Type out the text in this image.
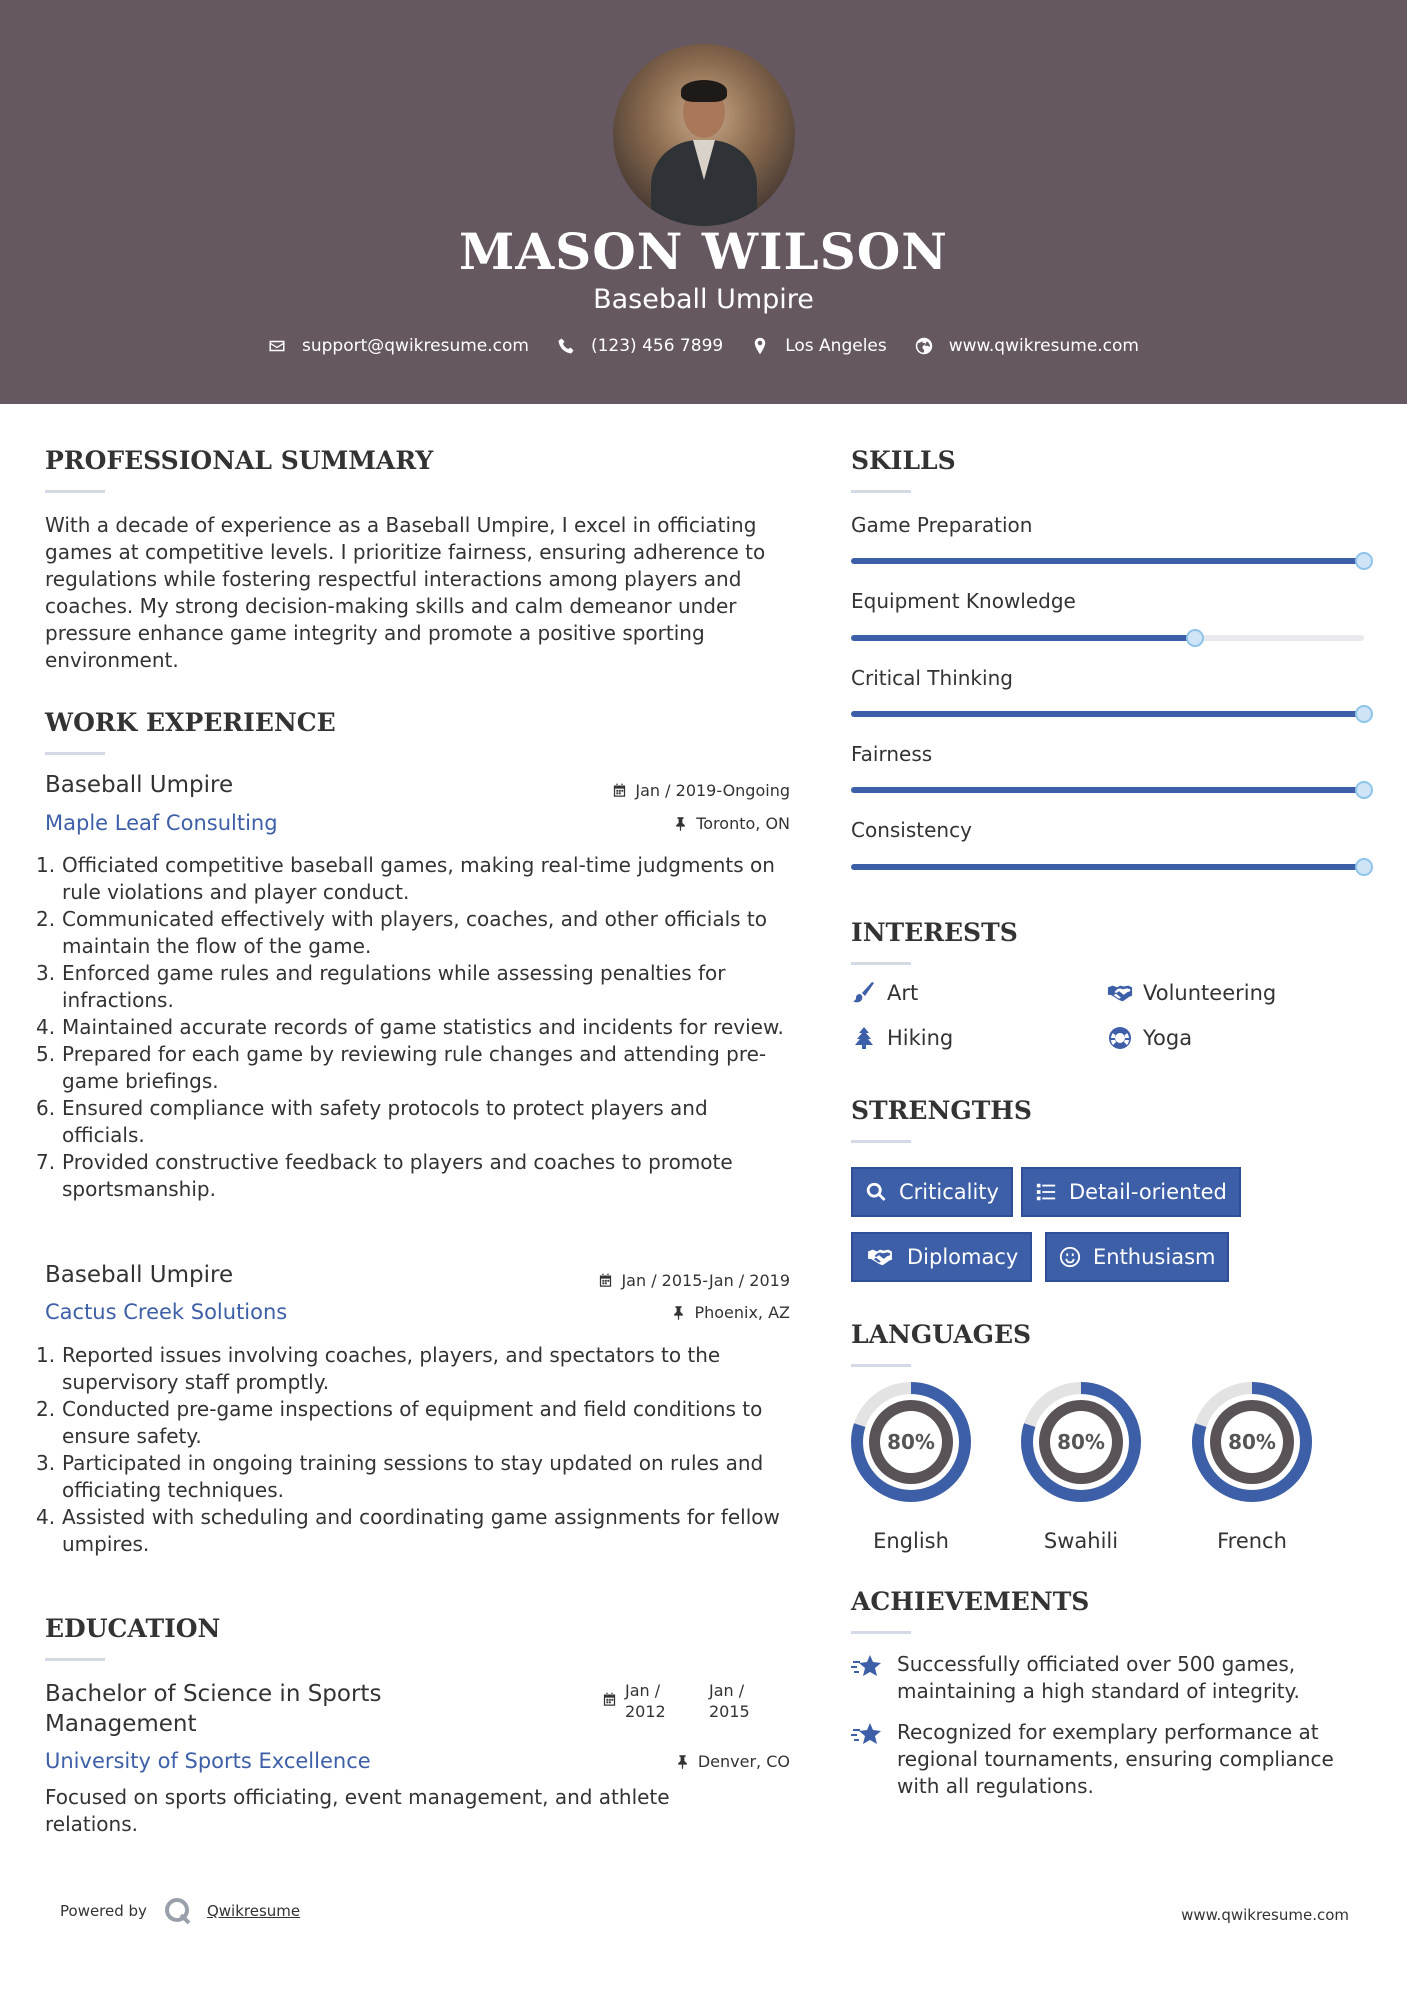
MASON WILSON
Baseball Umpire
support@qwikresume.com	(123) 456 7899	Los Angeles	www.qwikresume.com
PROFESSIONAL SUMMARY
With a decade of experience as a Baseball Umpire, I excel in officiating games at competitive levels. I prioritize fairness, ensuring adherence to regulations while fostering respectful interactions among players and coaches. My strong decision-making skills and calm demeanor under pressure enhance game integrity and promote a positive sporting environment.
WORK EXPERIENCE
Baseball Umpire	Jan / 2019-Ongoing
Maple Leaf Consulting	Toronto, ON
1. Officiated competitive baseball games, making real-time judgments on rule violations and player conduct.
2. Communicated effectively with players, coaches, and other officials to maintain the flow of the game.
3. Enforced game rules and regulations while assessing penalties for infractions.
4. Maintained accurate records of game statistics and incidents for review.
5. Prepared for each game by reviewing rule changes and attending pre-game briefings.
6. Ensured compliance with safety protocols to protect players and officials.
7. Provided constructive feedback to players and coaches to promote sportsmanship.
Baseball Umpire	Jan / 2015-Jan / 2019
Cactus Creek Solutions	Phoenix, AZ
1. Reported issues involving coaches, players, and spectators to the supervisory staff promptly.
2. Conducted pre-game inspections of equipment and field conditions to ensure safety.
3. Participated in ongoing training sessions to stay updated on rules and officiating techniques.
4. Assisted with scheduling and coordinating game assignments for fellow umpires.
EDUCATION
Bachelor of Science in Sports Management
Jan /
2012
Jan /
2015
University of Sports Excellence	Denver, CO
Focused on sports officiating, event management, and athlete relations.
SKILLS
Game Preparation
Equipment Knowledge
Critical Thinking
Fairness
Consistency
INTERESTS
Art	Volunteering
Hiking	Yoga
STRENGTHS
Criticality	Detail-oriented
Diplomacy	Enthusiasm
LANGUAGES
80%
English
80%
Swahili
80%
French
ACHIEVEMENTS
Successfully officiated over 500 games, maintaining a high standard of integrity.
Recognized for exemplary performance at regional tournaments, ensuring compliance with all regulations.
Powered by	Qwikresume	www.qwikresume.com
